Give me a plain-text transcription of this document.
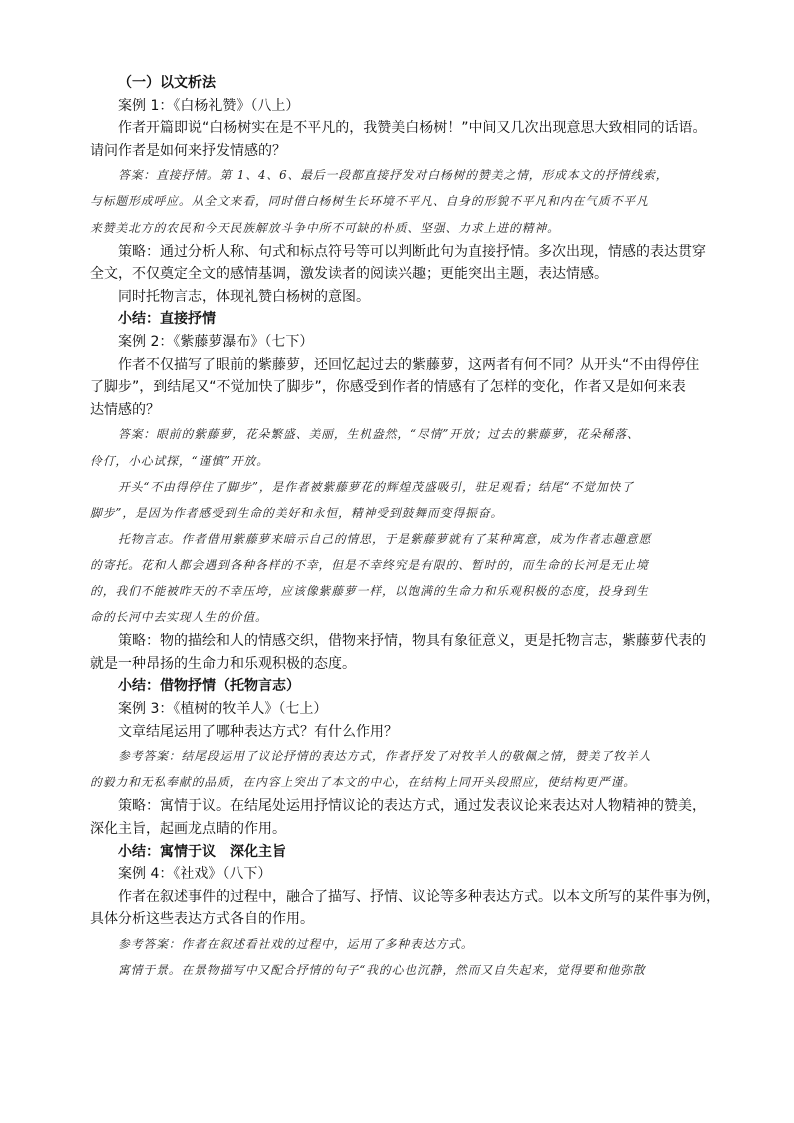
（一）以文析法

案例 1：《白杨礼赞》（八上）

作者开篇即说“白杨树实在是不平凡的，我赞美白杨树！”中间又几次出现意思大致相同的话语。

请问作者是如何来抒发情感的？

答案：直接抒情。第 1、4、6、最后一段都直接抒发对白杨树的赞美之情，形成本文的抒情线索，

与标题形成呼应。从全文来看，同时借白杨树生长环境不平凡、自身的形貌不平凡和内在气质不平凡

来赞美北方的农民和今天民族解放斗争中所不可缺的朴质、坚强、力求上进的精神。

策略：通过分析人称、句式和标点符号等可以判断此句为直接抒情。多次出现，情感的表达贯穿

全文，不仅奠定全文的感情基调，激发读者的阅读兴趣；更能突出主题，表达情感。

同时托物言志，体现礼赞白杨树的意图。

小结：直接抒情

案例 2：《紫藤萝瀑布》（七下）

作者不仅描写了眼前的紫藤萝，还回忆起过去的紫藤萝，这两者有何不同？从开头“不由得停住

了脚步”，到结尾又“不觉加快了脚步”，你感受到作者的情感有了怎样的变化，作者又是如何来表

达情感的？

答案：眼前的紫藤萝，花朵繁盛、美丽，生机盎然，“尽情”开放；过去的紫藤萝，花朵稀落、

伶仃，小心试探，“谨慎”开放。

开头“不由得停住了脚步”，是作者被紫藤萝花的辉煌茂盛吸引，驻足观看；结尾“不觉加快了

脚步”，是因为作者感受到生命的美好和永恒，精神受到鼓舞而变得振奋。

托物言志。作者借用紫藤萝来暗示自己的情思，于是紫藤萝就有了某种寓意，成为作者志趣意愿

的寄托。花和人都会遇到各种各样的不幸，但是不幸终究是有限的、暂时的，而生命的长河是无止境

的，我们不能被昨天的不幸压垮，应该像紫藤萝一样，以饱满的生命力和乐观积极的态度，投身到生

命的长河中去实现人生的价值。

策略：物的描绘和人的情感交织，借物来抒情，物具有象征意义，更是托物言志，紫藤萝代表的

就是一种昂扬的生命力和乐观积极的态度。

小结：借物抒情（托物言志）

案例 3：《植树的牧羊人》（七上）

文章结尾运用了哪种表达方式？有什么作用？

参考答案：结尾段运用了议论抒情的表达方式，作者抒发了对牧羊人的敬佩之情，赞美了牧羊人

的毅力和无私奉献的品质，在内容上突出了本文的中心，在结构上同开头段照应，使结构更严谨。

策略：寓情于议。在结尾处运用抒情议论的表达方式，通过发表议论来表达对人物精神的赞美，

深化主旨，起画龙点睛的作用。

小结：寓情于议　深化主旨

案例 4：《社戏》（八下）

作者在叙述事件的过程中，融合了描写、抒情、议论等多种表达方式。以本文所写的某件事为例，

具体分析这些表达方式各自的作用。

参考答案：作者在叙述看社戏的过程中，运用了多种表达方式。

寓情于景。在景物描写中又配合抒情的句子“我的心也沉静，然而又自失起来，觉得要和他弥散
